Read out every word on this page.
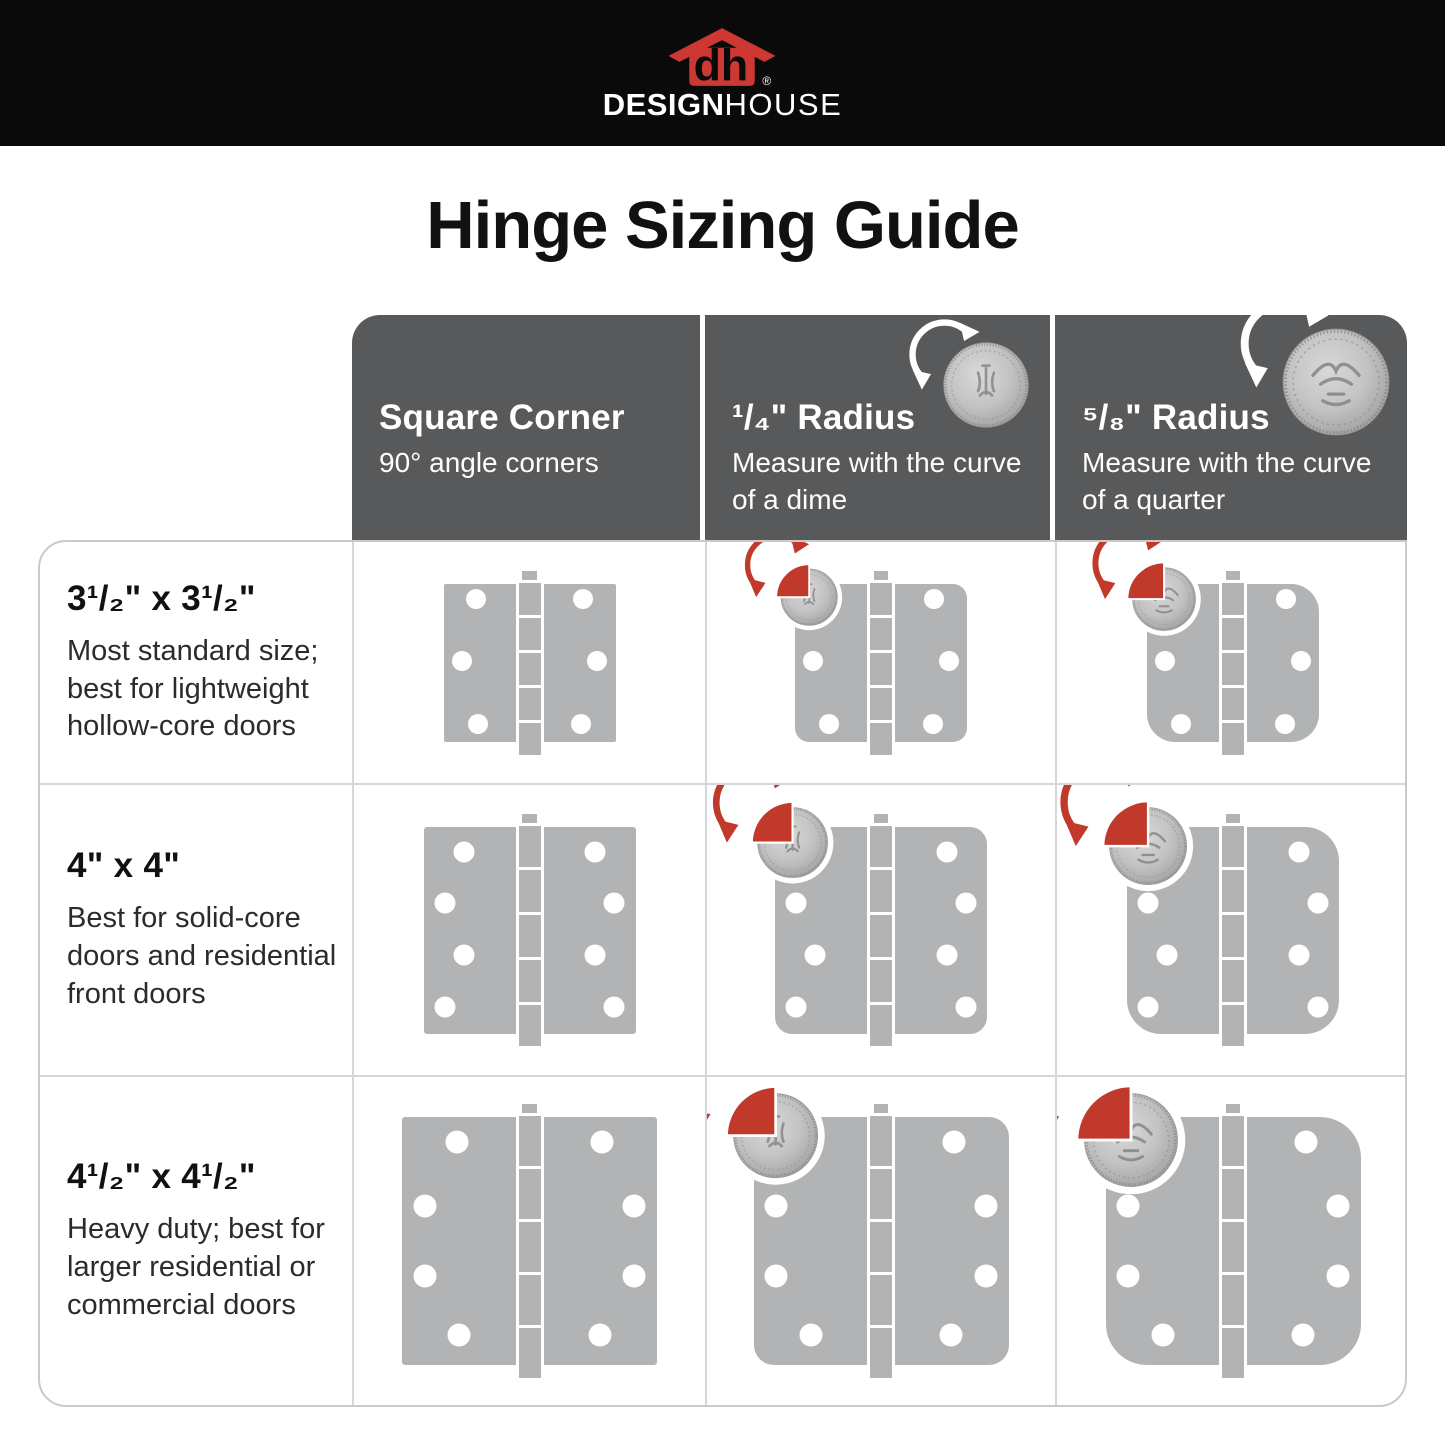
dh ®
DESIGNHOUSE
Hinge Sizing Guide
Square Corner
90° angle corners
¹/₄" Radius
Measure with the curve of a dime
⁵/₈" Radius
Measure with the curve of a quarter
3¹/₂" x 3¹/₂"

Most standard size; best for lightweight hollow-core doors

4" x 4"

Best for solid-core doors and residential front doors

4¹/₂" x 4¹/₂"

Heavy duty; best for larger residential or commercial doors
